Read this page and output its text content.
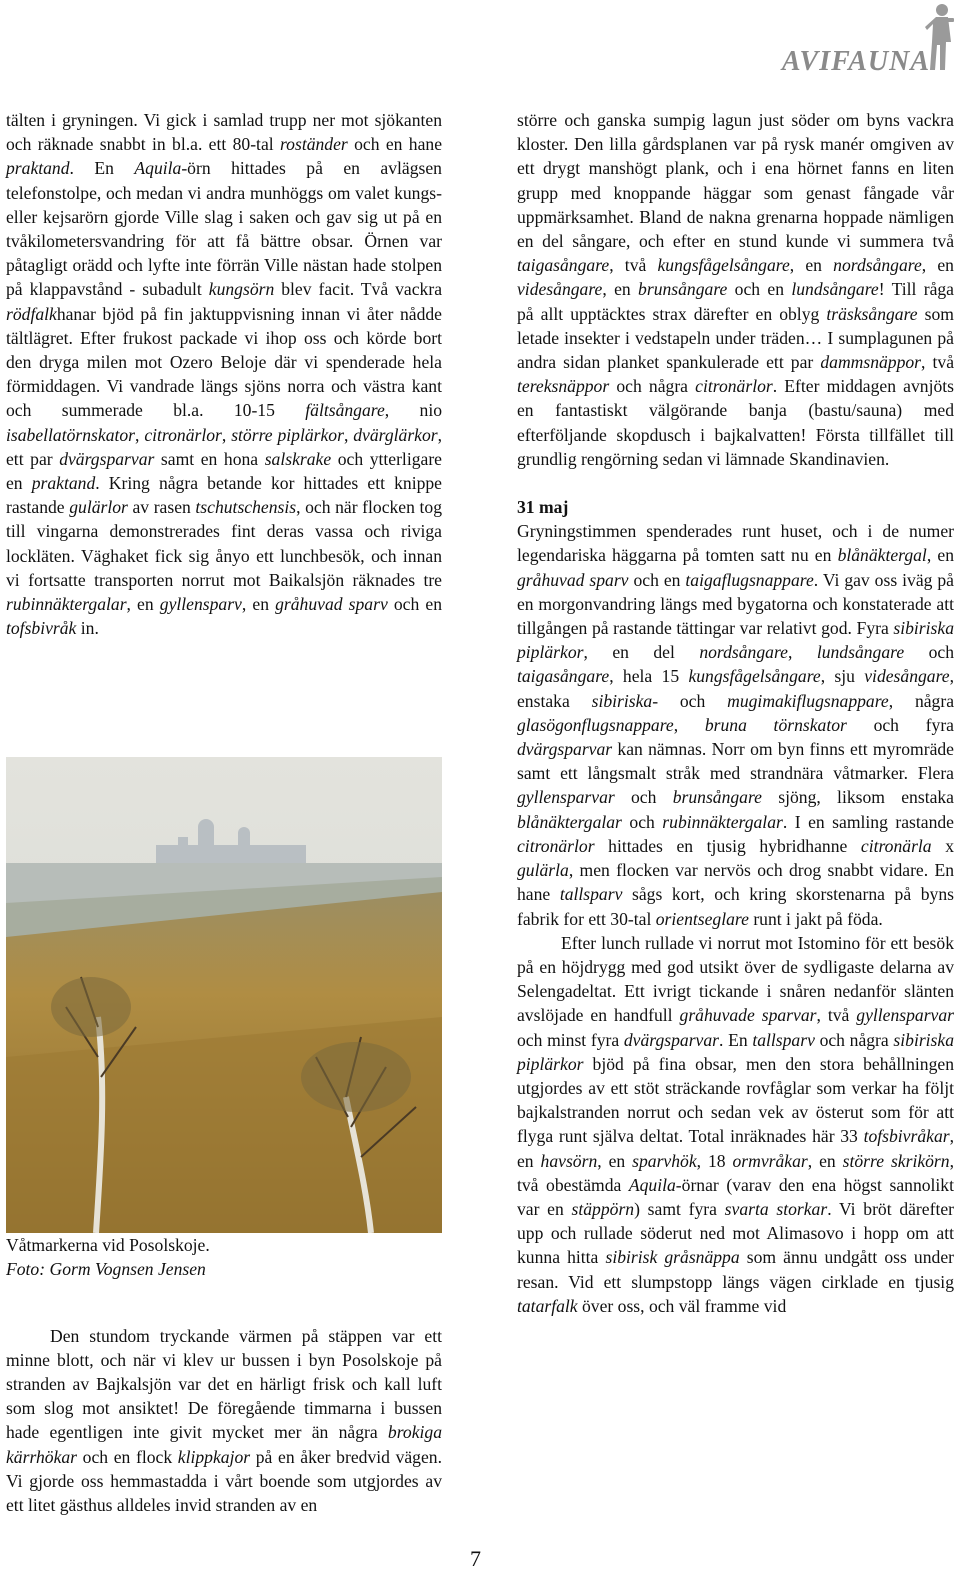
AVIFAUNA

tälten i gryningen. Vi gick i samlad trupp ner mot sjökanten och räknade snabbt in bl.a. ett 80-tal roständer och en hane praktand. En Aquila-örn hittades på en avlägsen telefonstolpe, och medan vi andra munhöggs om valet kungs- eller kejsarörn gjorde Ville slag i saken och gav sig ut på en tvåkilometersvandring för att få bättre obsar. Örnen var påtagligt orädd och lyfte inte förrän Ville nästan hade stolpen på klappavstånd - subadult kungsörn blev facit. Två vackra rödfalkhanar bjöd på fin jaktuppvisning innan vi åter nådde tältlägret. Efter frukost packade vi ihop oss och körde bort den dryga milen mot Ozero Beloje där vi spenderade hela förmiddagen. Vi vandrade längs sjöns norra och västra kant och summerade bl.a. 10-15 fältsångare, nio isabellatörnskator, citronärlor, större piplärkor, dvärglärkor, ett par dvärgsparvar samt en hona salskrake och ytterligare en praktand. Kring några betande kor hittades ett knippe rastande gulärlor av rasen tschutschensis, och när flocken tog till vingarna demonstrerades fint deras vassa och riviga lockläten. Väghaket fick sig ånyo ett lunchbesök, och innan vi fortsatte transporten norrut mot Baikalsjön räknades tre rubinnäktergalar, en gyllensparv, en gråhuvad sparv och en tofsbivråk in.

Våtmarkerna vid Posolskoje.
Foto: Gorm Vognsen Jensen

Den stundom tryckande värmen på stäppen var ett minne blott, och när vi klev ur bussen i byn Posolskoje på stranden av Bajkalsjön var det en härligt frisk och kall luft som slog mot ansiktet! De föregående timmarna i bussen hade egentligen inte givit mycket mer än några brokiga kärrhökar och en flock klippkajor på en åker bredvid vägen. Vi gjorde oss hemmastadda i vårt boende som utgjordes av ett litet gästhus alldeles invid stranden av en

större och ganska sumpig lagun just söder om byns vackra kloster. Den lilla gårdsplanen var på rysk manér omgiven av ett drygt manshögt plank, och i ena hörnet fanns en liten grupp med knoppande häggar som genast fångade vår uppmärksamhet. Bland de nakna grenarna hoppade nämligen en del sångare, och efter en stund kunde vi summera två taigasångare, två kungsfågelsångare, en nordsångare, en videsångare, en brunsångare och en lundsångare! Till råga på allt upptäcktes strax därefter en oblyg träsksångare som letade insekter i vedstapeln under träden… I sumplagunen på andra sidan planket spankulerade ett par dammsnäppor, två tereksnäppor och några citronärlor. Efter middagen avnjöts en fantastiskt välgörande banja (bastu/sauna) med efterföljande skopdusch i bajkalvatten! Första tillfället till grundlig rengörning sedan vi lämnade Skandinavien.

31 maj

Gryningstimmen spenderades runt huset, och i de numer legendariska häggarna på tomten satt nu en blånäktergal, en gråhuvad sparv och en taigaflugsnappare. Vi gav oss iväg på en morgonvandring längs med bygatorna och konstaterade att tillgången på rastande tättingar var relativt god. Fyra sibiriska piplärkor, en del nordsångare, lundsångare och taigasångare, hela 15 kungsfågelsångare, sju videsångare, enstaka sibiriska- och mugimakiflugsnappare, några glasögonflugsnappare, bruna törnskator och fyra dvärgsparvar kan nämnas. Norr om byn finns ett myromräde samt ett långsmalt stråk med strandnära våtmarker. Flera gyllensparvar och brunsångare sjöng, liksom enstaka blånäktergalar och rubinnäktergalar. I en samling rastande citronärlor hittades en tjusig hybridhanne citronärla x gulärla, men flocken var nervös och drog snabbt vidare. En hane tallsparv sågs kort, och kring skorstenarna på byns fabrik for ett 30-tal orientseglare runt i jakt på föda.

Efter lunch rullade vi norrut mot Istomino för ett besök på en höjdrygg med god utsikt över de sydligaste delarna av Selengadeltat. Ett ivrigt tickande i snåren nedanför slänten avslöjade en handfull gråhuvade sparvar, två gyllensparvar och minst fyra dvärgsparvar. En tallsparv och några sibiriska piplärkor bjöd på fina obsar, men den stora behållningen utgjordes av ett stöt sträckande rovfåglar som verkar ha följt bajkalstranden norrut och sedan vek av österut som för att flyga runt själva deltat. Total inräknades här 33 tofsbivråkar, en havsörn, en sparvhök, 18 ormvråkar, en större skrikörn, två obestämda Aquila-örnar (varav den ena högst sannolikt var en stäppörn) samt fyra svarta storkar. Vi bröt därefter upp och rullade söderut ned mot Alimasovo i hopp om att kunna hitta sibirisk gråsnäppa som ännu undgått oss under resan. Vid ett slumpstopp längs vägen cirklade en tjusig tatarfalk över oss, och väl framme vid

7
